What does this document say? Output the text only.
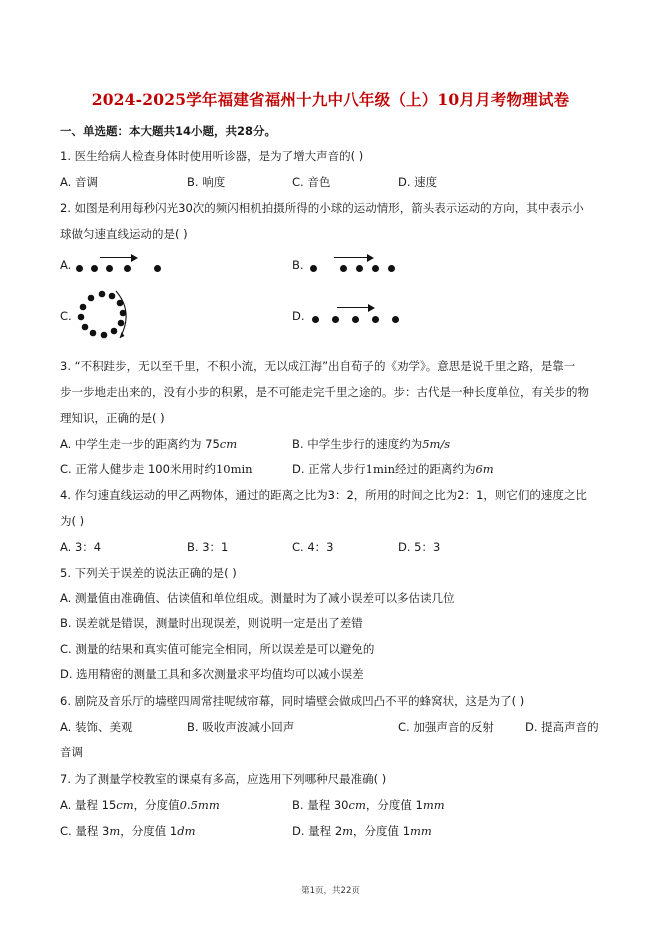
2024-2025学年福建省福州十九中八年级（上）10月月考物理试卷
一、单选题：本大题共14小题，共28分。
1. 医生给病人检查身体时使用听诊器，是为了增大声音的( )
A. 音调	B. 响度	C. 音色	D. 速度
2. 如图是利用每秒闪光30次的频闪相机拍摄所得的小球的运动情形，箭头表示运动的方向，其中表示小
球做匀速直线运动的是( )
A.	B.
C.	D.
3. “不积跬步，无以至千里，不积小流，无以成江海”出自荀子的《劝学》。意思是说千里之路，是靠一
步一步地走出来的，没有小步的积累，是不可能走完千里之途的。步：古代是一种长度单位，有关步的物
理知识，正确的是( )
A. 中学生走一步的距离约为 75cm	B. 中学生步行的速度约为5m/s
C. 正常人健步走 100米用时约10min	D. 正常人步行1min经过的距离约为6m
4. 作匀速直线运动的甲乙两物体，通过的距离之比为3：2，所用的时间之比为2：1，则它们的速度之比
为( )
A. 3：4	B. 3：1	C. 4：3	D. 5：3
5. 下列关于误差的说法正确的是( )
A. 测量值由准确值、估读值和单位组成。测量时为了减小误差可以多估读几位
B. 误差就是错误，测量时出现误差，则说明一定是出了差错
C. 测量的结果和真实值可能完全相同，所以误差是可以避免的
D. 选用精密的测量工具和多次测量求平均值均可以减小误差
6. 剧院及音乐厅的墙壁四周常挂呢绒帘幕，同时墙壁会做成凹凸不平的蜂窝状，这是为了( )
A. 装饰、美观	B. 吸收声波减小回声	C. 加强声音的反射	D. 提高声音的
音调
7. 为了测量学校教室的课桌有多高，应选用下列哪种尺最准确( )
A. 量程 15cm，分度值0.5mm	B. 量程 30cm，分度值 1mm
C. 量程 3m，分度值 1dm	D. 量程 2m，分度值 1mm
第1页，共22页
